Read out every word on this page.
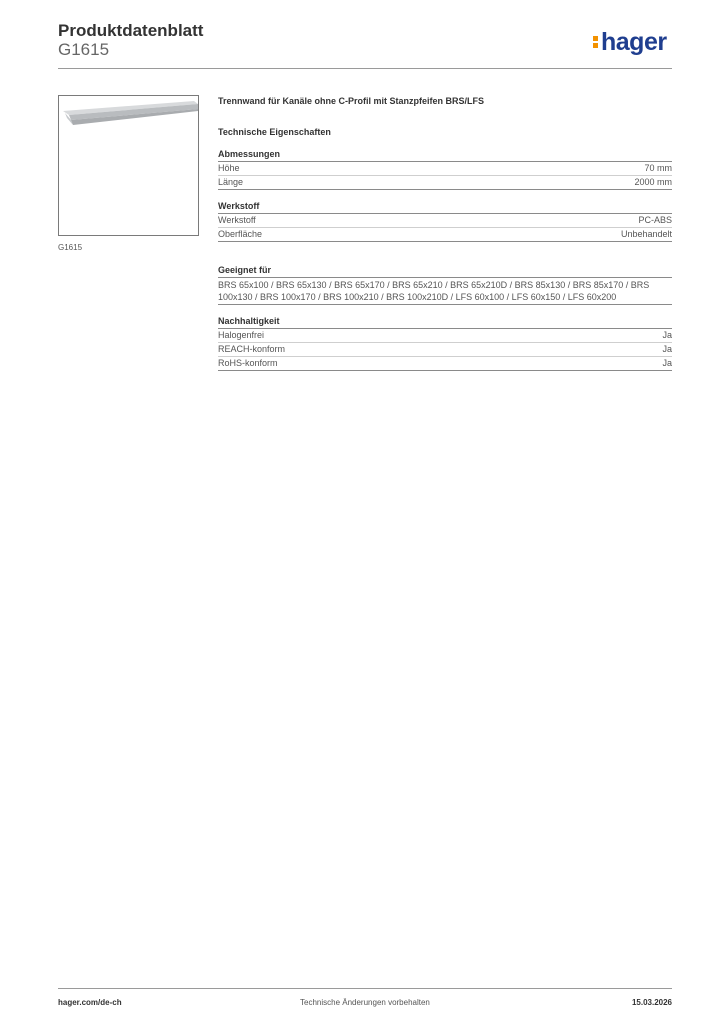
Produktdatenblatt
G1615	hager
G1615
Trennwand für Kanäle ohne C-Profil mit Stanzpfeifen BRS/LFS
Technische Eigenschaften
Abmessungen
Höhe	70 mm
Länge	2000 mm
Werkstoff
Werkstoff	PC-ABS
Oberfläche	Unbehandelt
Geeignet für
BRS 65x100 / BRS 65x130 / BRS 65x170 / BRS 65x210 / BRS 65x210D / BRS 85x130 / BRS 85x170 / BRS 100x130 / BRS 100x170 / BRS 100x210 / BRS 100x210D / LFS 60x100 / LFS 60x150 / LFS 60x200
Nachhaltigkeit
Halogenfrei	Ja
REACH-konform	Ja
RoHS-konform	Ja
hager.com/de-ch	Technische Änderungen vorbehalten	15.03.2026
